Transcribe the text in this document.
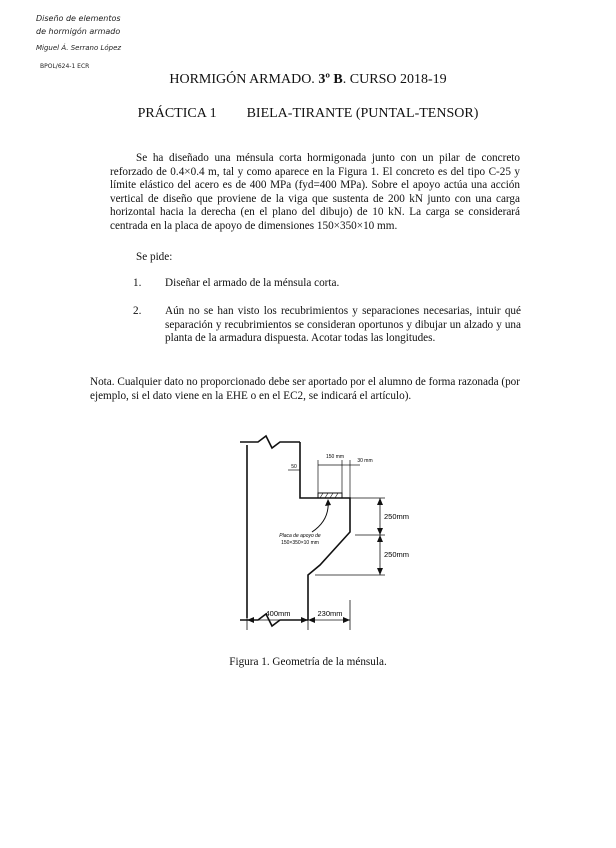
Diseño de elementos
de hormigón armado
Miguel Á. Serrano López
BPOL/624-1 ECR
HORMIGÓN ARMADO. 3º B. CURSO 2018-19
PRÁCTICA 1 BIELA-TIRANTE (PUNTAL-TENSOR)
Se ha diseñado una ménsula corta hormigonada junto con un pilar de concreto reforzado de 0.4×0.4 m, tal y como aparece en la Figura 1. El concreto es del tipo C-25 y límite elástico del acero es de 400 MPa (fyd=400 MPa). Sobre el apoyo actúa una acción vertical de diseño que proviene de la viga que sustenta de 200 kN junto con una carga horizontal hacia la derecha (en el plano del dibujo) de 10 kN. La carga se considerará centrada en la placa de apoyo de dimensiones 150×350×10 mm.
Se pide:
1. Diseñar el armado de la ménsula corta.
2. Aún no se han visto los recubrimientos y separaciones necesarias, intuir qué separación y recubrimientos se consideran oportunos y dibujar un alzado y una planta de la armadura dispuesta. Acotar todas las longitudes.
Nota. Cualquier dato no proporcionado debe ser aportado por el alumno de forma razonada (por ejemplo, si el dato viene en la EHE o en el EC2, se indicará el artículo).
50
150 mm
30 mm
250mm
250mm
Placa de apoyo de
150×350×10 mm
400mm	230mm
Figura 1. Geometría de la ménsula.
